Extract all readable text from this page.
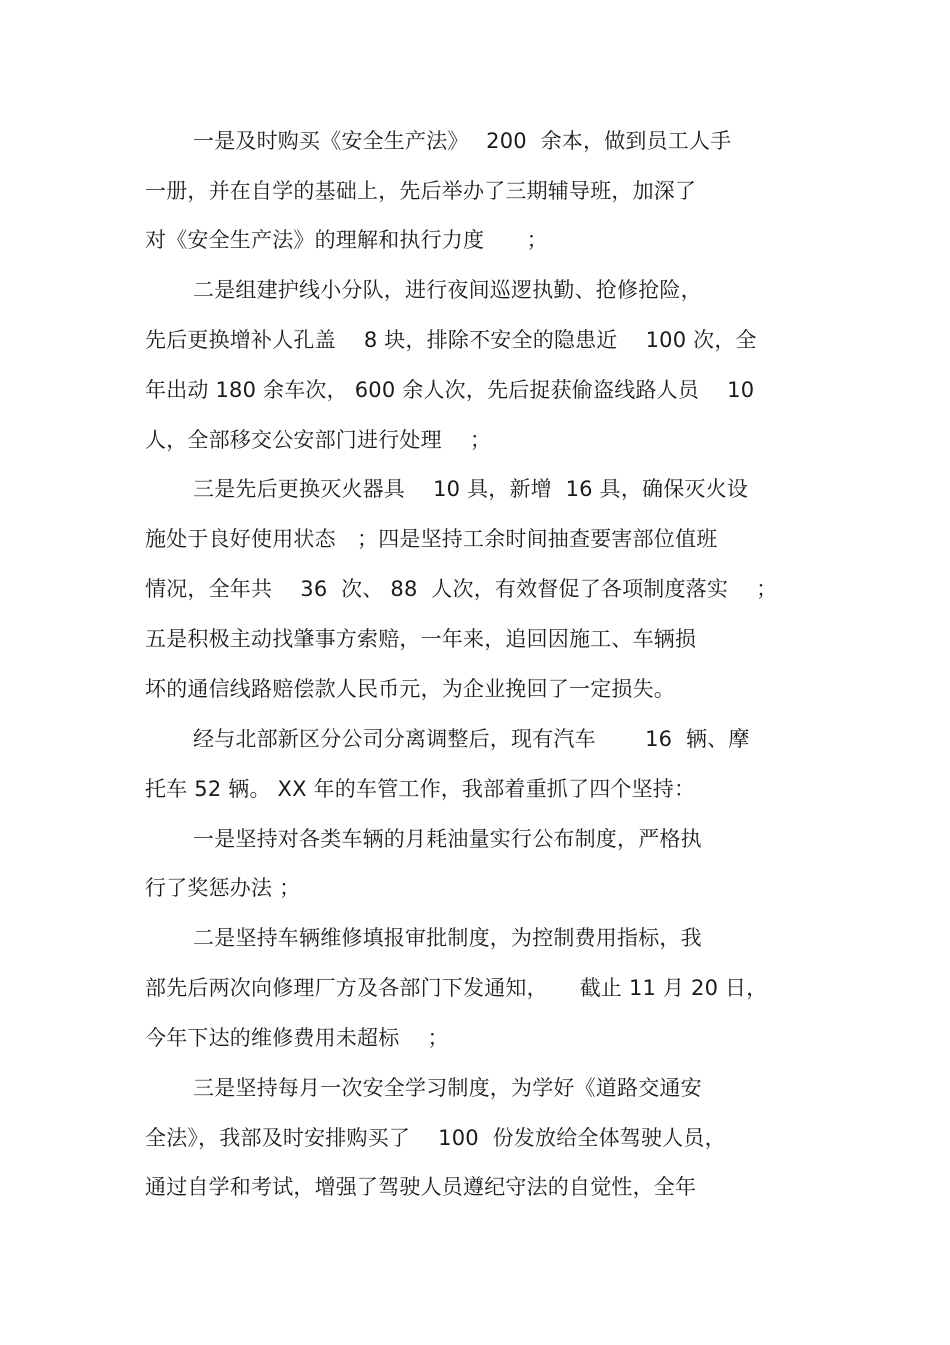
一是及时购买《安全生产法》　 200  余本，做到员工人手
一册，并在自学的基础上，先后举办了三期辅导班，加深了
对《安全生产法》的理解和执行力度　　；
二是组建护线小分队，进行夜间巡逻执勤、抢修抢险，
先后更换增补人孔盖　 8 块，排除不安全的隐患近　 100 次，全
年出动 180 余车次， 600 余人次，先后捉获偷盗线路人员　 10
人，全部移交公安部门进行处理　 ；
三是先后更换灭火器具　 10 具，新增  16 具，确保灭火设
施处于良好使用状态　；四是坚持工余时间抽查要害部位值班
情况，全年共　 36  次、 88  人次，有效督促了各项制度落实　 ；
五是积极主动找肇事方索赔，一年来，追回因施工、车辆损
坏的通信线路赔偿款人民币元，为企业挽回了一定损失。
经与北部新区分公司分离调整后，现有汽车　　 16  辆、摩
托车 52 辆。 XX 年的车管工作，我部着重抓了四个坚持：
一是坚持对各类车辆的月耗油量实行公布制度，严格执
行了奖惩办法 ；
二是坚持车辆维修填报审批制度，为控制费用指标，我
部先后两次向修理厂方及各部门下发通知，　　截止 11 月 20 日，
今年下达的维修费用未超标　 ；
三是坚持每月一次安全学习制度，为学好《道路交通安
全法》，我部及时安排购买了　 100  份发放给全体驾驶人员，
通过自学和考试，增强了驾驶人员遵纪守法的自觉性，全年
